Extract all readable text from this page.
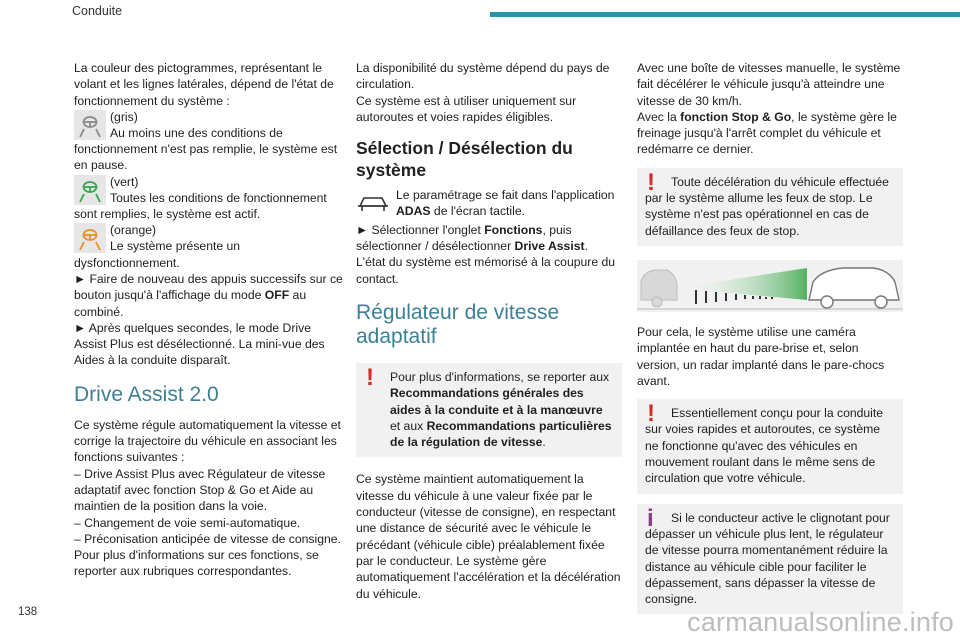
Conduite

La couleur des pictogrammes, représentant le volant et les lignes latérales, dépend de l'état de fonctionnement du système :

(gris)

Au moins une des conditions de fonctionnement n'est pas remplie, le système est en pause.

(vert)

Toutes les conditions de fonctionnement sont remplies, le système est actif.

(orange)

Le système présente un dysfonctionnement.

► Faire de nouveau des appuis successifs sur ce bouton jusqu'à l'affichage du mode OFF au combiné.

► Après quelques secondes, le mode Drive Assist Plus est désélectionné. La mini-vue des Aides à la conduite disparaît.

Drive Assist 2.0

Ce système régule automatiquement la vitesse et corrige la trajectoire du véhicule en associant les fonctions suivantes :

– Drive Assist Plus avec Régulateur de vitesse adaptatif avec fonction Stop & Go et Aide au maintien de la position dans la voie.

– Changement de voie semi-automatique.

– Préconisation anticipée de vitesse de consigne.

Pour plus d'informations sur ces fonctions, se reporter aux rubriques correspondantes.

La disponibilité du système dépend du pays de circulation.

Ce système est à utiliser uniquement sur autoroutes et voies rapides éligibles.

Sélection / Désélection du système

Le paramétrage se fait dans l'application ADAS de l'écran tactile.

► Sélectionner l'onglet Fonctions, puis sélectionner / désélectionner Drive Assist.

L'état du système est mémorisé à la coupure du contact.

Régulateur de vitesse adaptatif
!	Pour plus d'informations, se reporter aux Recommandations générales des aides à la conduite et à la manœuvre et aux Recommandations particulières de la régulation de vitesse.

Ce système maintient automatiquement la vitesse du véhicule à une valeur fixée par le conducteur (vitesse de consigne), en respectant une distance de sécurité avec le véhicule le précédant (véhicule cible) préalablement fixée par le conducteur. Le système gère automatiquement l'accélération et la décélération du véhicule.

Avec une boîte de vitesses manuelle, le système fait décélérer le véhicule jusqu'à atteindre une vitesse de 30 km/h.

Avec la fonction Stop & Go, le système gère le freinage jusqu'à l'arrêt complet du véhicule et redémarre ce dernier.

!	Toute décélération du véhicule effectuée par le système allume les feux de stop. Le système n'est pas opérationnel en cas de défaillance des feux de stop.

Pour cela, le système utilise une caméra implantée en haut du pare-brise et, selon version, un radar implanté dans le pare-chocs avant.

!	Essentiellement conçu pour la conduite sur voies rapides et autoroutes, ce système ne fonctionne qu'avec des véhicules en mouvement roulant dans le même sens de circulation que votre véhicule.

i	Si le conducteur active le clignotant pour dépasser un véhicule plus lent, le régulateur de vitesse pourra momentanément réduire la distance au véhicule cible pour faciliter le dépassement, sans dépasser la vitesse de consigne.

138	carmanualsonline.info
